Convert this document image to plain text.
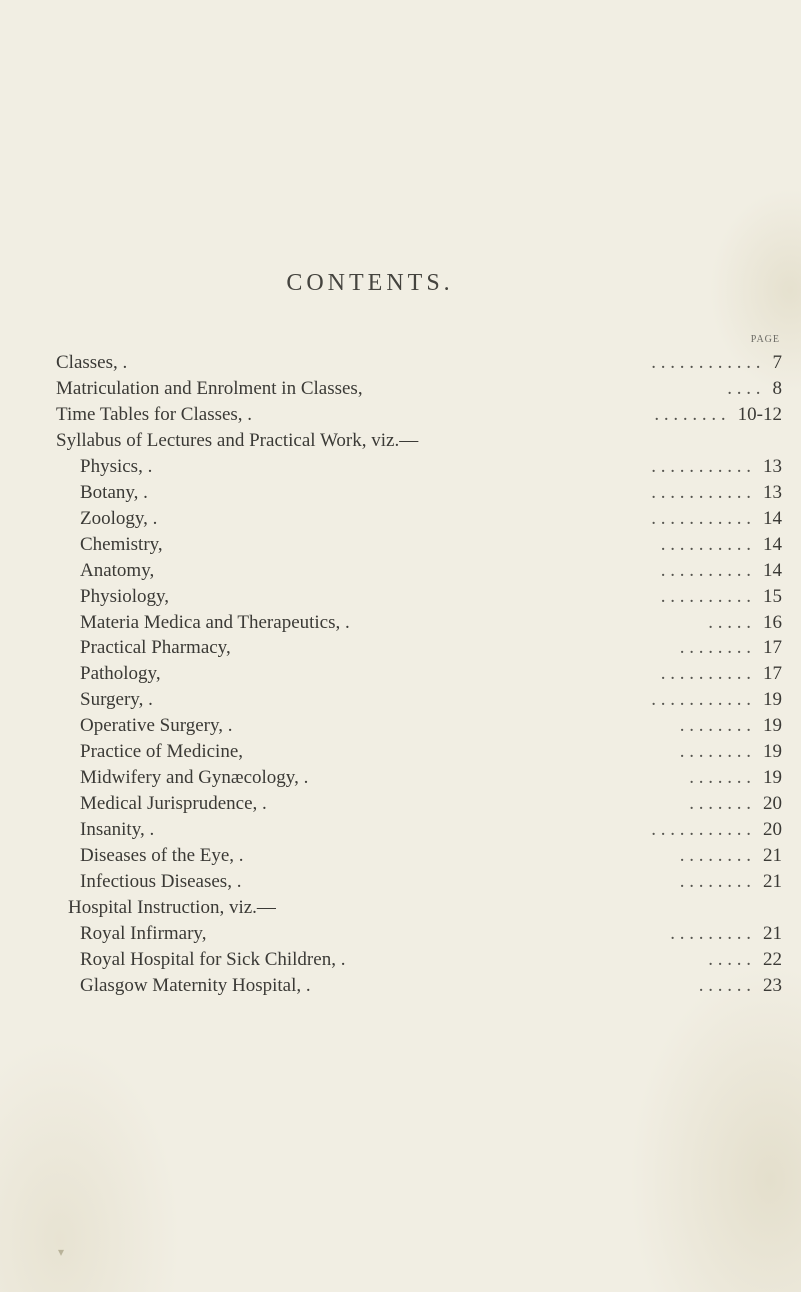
CONTENTS.
PAGE
Classes, .	. . . . . . . . . . . . 7
Matriculation and Enrolment in Classes,	. . . . 8
Time Tables for Classes, .	. . . . . . . . 10-12
Syllabus of Lectures and Practical Work, viz.—
Physics, .	. . . . . . . . . . . 13
Botany, .	. . . . . . . . . . . 13
Zoology, .	. . . . . . . . . . . 14
Chemistry,	. . . . . . . . . . 14
Anatomy,	. . . . . . . . . . 14
Physiology,	. . . . . . . . . . 15
Materia Medica and Therapeutics, .	. . . . . 16
Practical Pharmacy,	. . . . . . . . 17
Pathology,	. . . . . . . . . . 17
Surgery, .	. . . . . . . . . . . 19
Operative Surgery, .	. . . . . . . . 19
Practice of Medicine,	. . . . . . . . 19
Midwifery and Gynæcology, .	. . . . . . . 19
Medical Jurisprudence, .	. . . . . . . 20
Insanity, .	. . . . . . . . . . . 20
Diseases of the Eye, .	. . . . . . . . 21
Infectious Diseases, .	. . . . . . . . 21
Hospital Instruction, viz.—
Royal Infirmary,	. . . . . . . . . 21
Royal Hospital for Sick Children, .	. . . . . 22
Glasgow Maternity Hospital, .	. . . . . . 23
▾
